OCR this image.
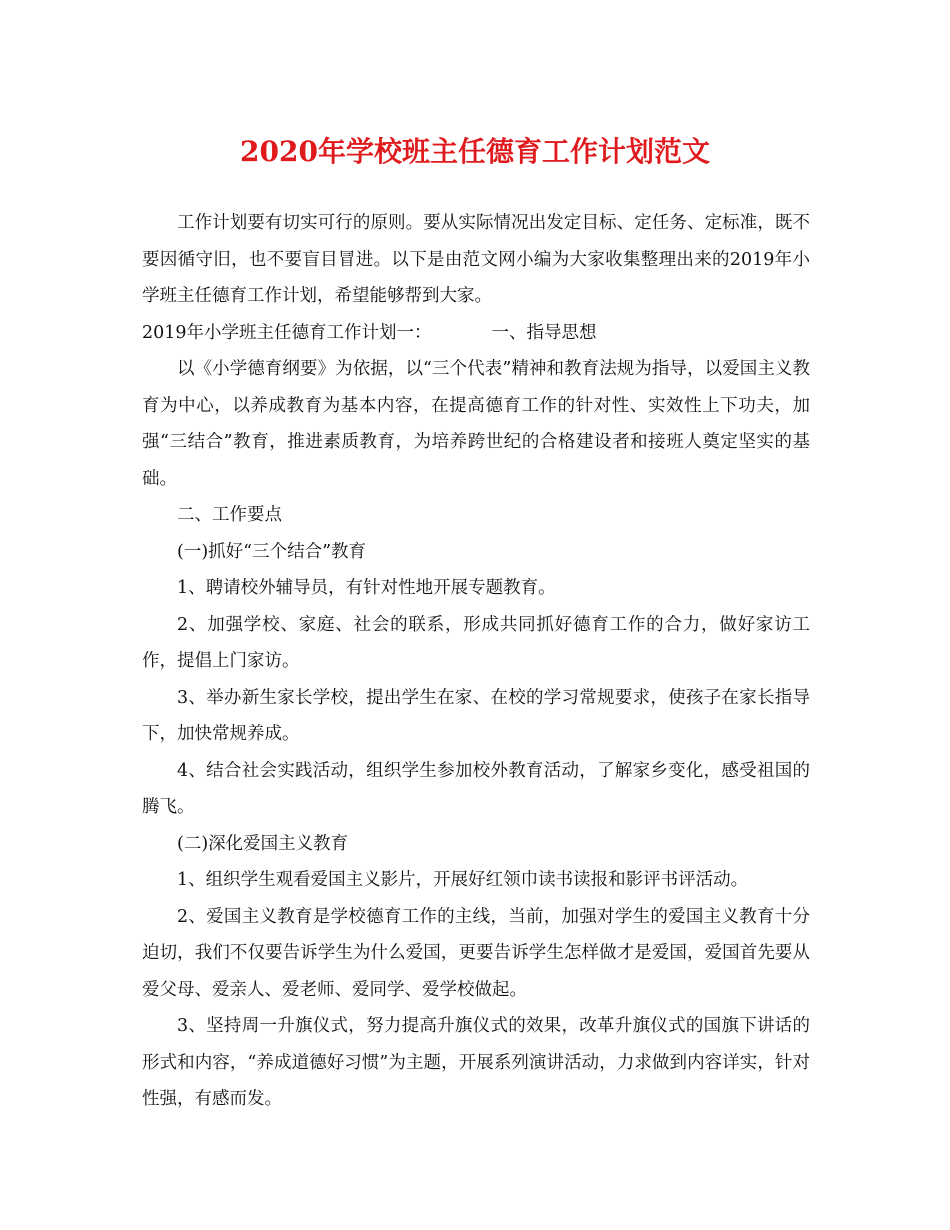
2020年学校班主任德育工作计划范文

工作计划要有切实可行的原则。要从实际情况出发定目标、定任务、定标准，既不要因循守旧，也不要盲目冒进。以下是由范文网小编为大家收集整理出来的2019年小学班主任德育工作计划，希望能够帮到大家。

2019年小学班主任德育工作计划一：	一、指导思想

以《小学德育纲要》为依据，以“三个代表”精神和教育法规为指导，以爱国主义教育为中心，以养成教育为基本内容，在提高德育工作的针对性、实效性上下功夫，加强“三结合”教育，推进素质教育，为培养跨世纪的合格建设者和接班人奠定坚实的基础。

二、工作要点

(一)抓好“三个结合”教育

1、聘请校外辅导员，有针对性地开展专题教育。

2、加强学校、家庭、社会的联系，形成共同抓好德育工作的合力，做好家访工作，提倡上门家访。

3、举办新生家长学校，提出学生在家、在校的学习常规要求，使孩子在家长指导下，加快常规养成。

4、结合社会实践活动，组织学生参加校外教育活动，了解家乡变化，感受祖国的腾飞。

(二)深化爱国主义教育

1、组织学生观看爱国主义影片，开展好红领巾读书读报和影评书评活动。

2、爱国主义教育是学校德育工作的主线，当前，加强对学生的爱国主义教育十分迫切，我们不仅要告诉学生为什么爱国，更要告诉学生怎样做才是爱国，爱国首先要从爱父母、爱亲人、爱老师、爱同学、爱学校做起。

3、坚持周一升旗仪式，努力提高升旗仪式的效果，改革升旗仪式的国旗下讲话的形式和内容，“养成道德好习惯”为主题，开展系列演讲活动，力求做到内容详实，针对性强，有感而发。
